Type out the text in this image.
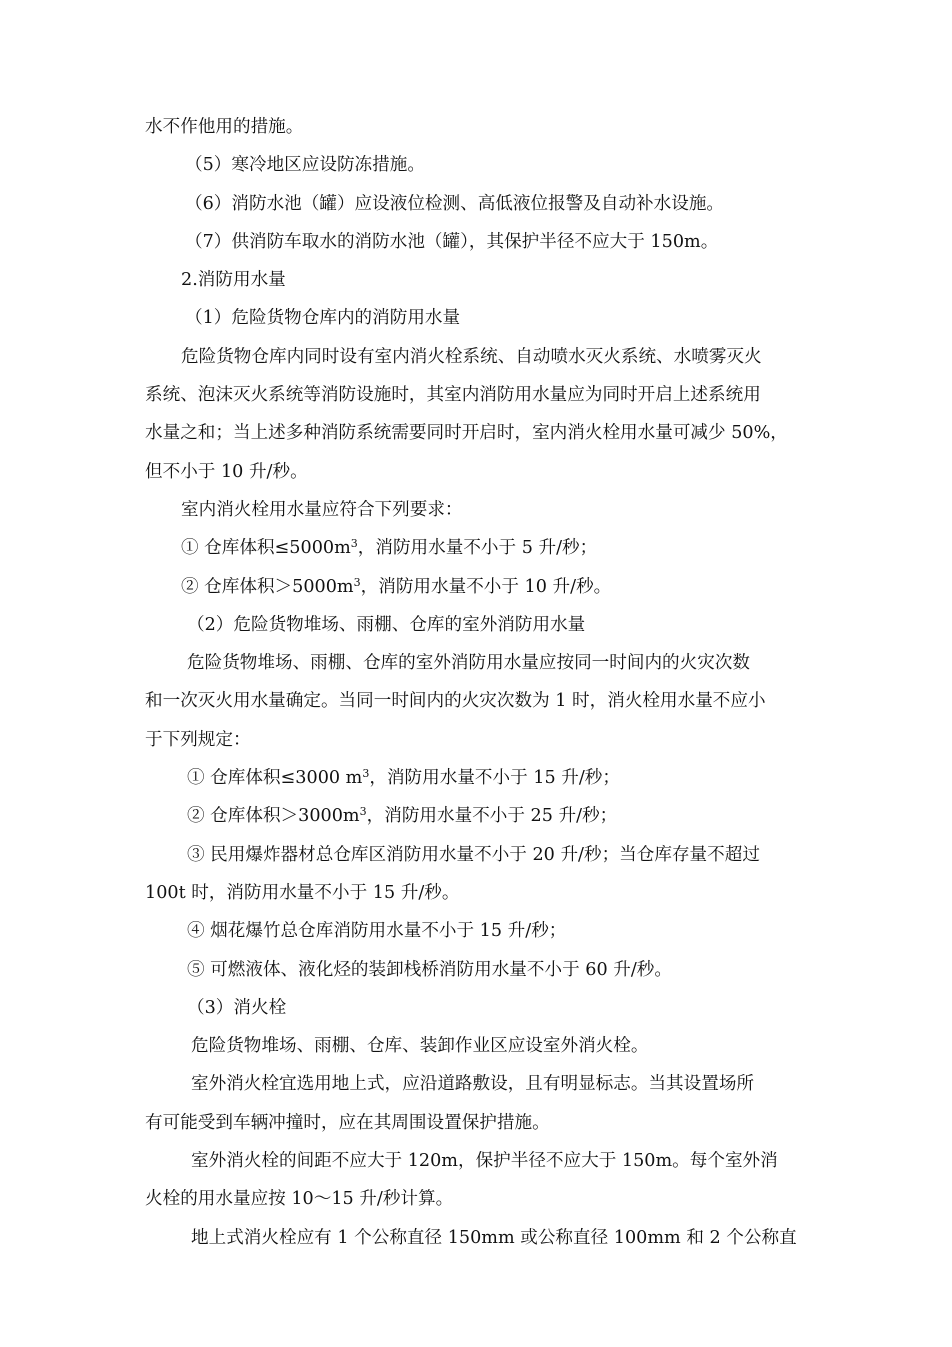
水不作他用的措施。
（5）寒冷地区应设防冻措施。
（6）消防水池（罐）应设液位检测、高低液位报警及自动补水设施。
（7）供消防车取水的消防水池（罐），其保护半径不应大于 150m。
2.消防用水量
（1）危险货物仓库内的消防用水量
危险货物仓库内同时设有室内消火栓系统、自动喷水灭火系统、水喷雾灭火
系统、泡沫灭火系统等消防设施时，其室内消防用水量应为同时开启上述系统用
水量之和；当上述多种消防系统需要同时开启时，室内消火栓用水量可减少 50%，
但不小于 10 升/秒。
室内消火栓用水量应符合下列要求：
① 仓库体积$\le 5000m^3$，消防用水量不小于 5 升/秒；
② 仓库体积$>5000m^3$，消防用水量不小于 10 升/秒。
（2）危险货物堆场、雨棚、仓库的室外消防用水量
危险货物堆场、雨棚、仓库的室外消防用水量应按同一时间内的火灾次数
和一次灭火用水量确定。当同一时间内的火灾次数为 1 时，消火栓用水量不应小
于下列规定：
① 仓库体积≤3000 $m^3$，消防用水量不小于 15 升/秒；
② 仓库体积$>3000m^3$，消防用水量不小于 25 升/秒；
③ 民用爆炸器材总仓库区消防用水量不小于 20 升/秒；当仓库存量不超过
100t 时，消防用水量不小于 15 升/秒。
④ 烟花爆竹总仓库消防用水量不小于 15 升/秒；
⑤ 可燃液体、液化烃的装卸栈桥消防用水量不小于 60 升/秒。
（3）消火栓
危险货物堆场、雨棚、仓库、装卸作业区应设室外消火栓。
室外消火栓宜选用地上式，应沿道路敷设，且有明显标志。当其设置场所
有可能受到车辆冲撞时，应在其周围设置保护措施。
室外消火栓的间距不应大于 120m，保护半径不应大于 150m。每个室外消
火栓的用水量应按 10～15 升/秒计算。
地上式消火栓应有 1 个公称直径 150mm 或公称直径 100mm 和 2 个公称直
